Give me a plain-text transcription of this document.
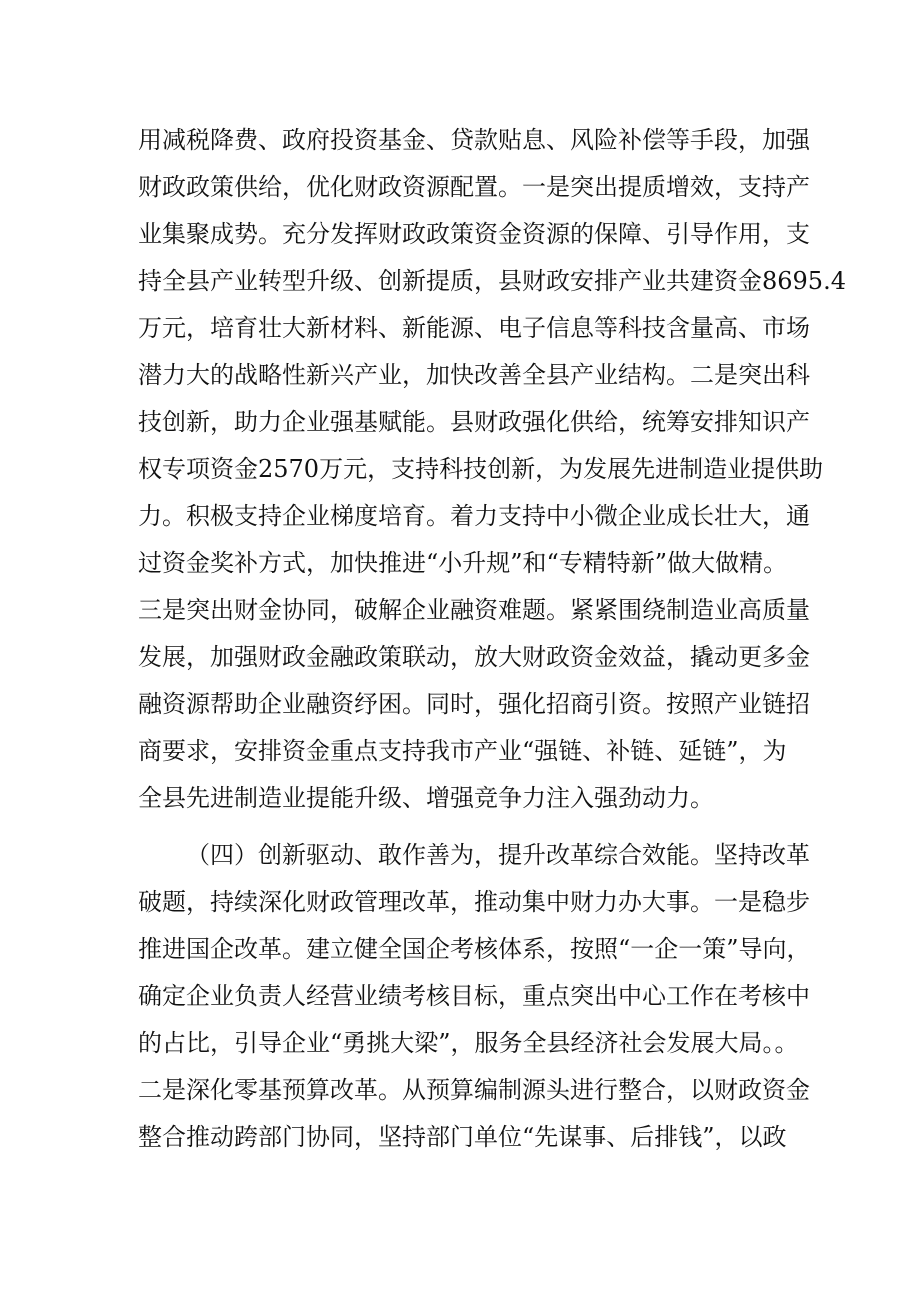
用减税降费、政府投资基金、贷款贴息、风险补偿等手段，加强
财政政策供给，优化财政资源配置。一是突出提质增效，支持产
业集聚成势。充分发挥财政政策资金资源的保障、引导作用，支
持全县产业转型升级、创新提质，县财政安排产业共建资金8695.4
万元，培育壮大新材料、新能源、电子信息等科技含量高、市场
潜力大的战略性新兴产业，加快改善全县产业结构。二是突出科
技创新，助力企业强基赋能。县财政强化供给，统筹安排知识产
权专项资金2570万元，支持科技创新，为发展先进制造业提供助
力。积极支持企业梯度培育。着力支持中小微企业成长壮大，通
过资金奖补方式，加快推进“小升规”和“专精特新”做大做精。
三是突出财金协同，破解企业融资难题。紧紧围绕制造业高质量
发展，加强财政金融政策联动，放大财政资金效益，撬动更多金
融资源帮助企业融资纾困。同时，强化招商引资。按照产业链招
商要求，安排资金重点支持我市产业“强链、补链、延链”，为
全县先进制造业提能升级、增强竞争力注入强劲动力。
（四）创新驱动、敢作善为，提升改革综合效能。坚持改革
破题，持续深化财政管理改革，推动集中财力办大事。一是稳步
推进国企改革。建立健全国企考核体系，按照“一企一策”导向，
确定企业负责人经营业绩考核目标，重点突出中心工作在考核中
的占比，引导企业“勇挑大梁”，服务全县经济社会发展大局。。
二是深化零基预算改革。从预算编制源头进行整合，以财政资金
整合推动跨部门协同，坚持部门单位“先谋事、后排钱”，以政
